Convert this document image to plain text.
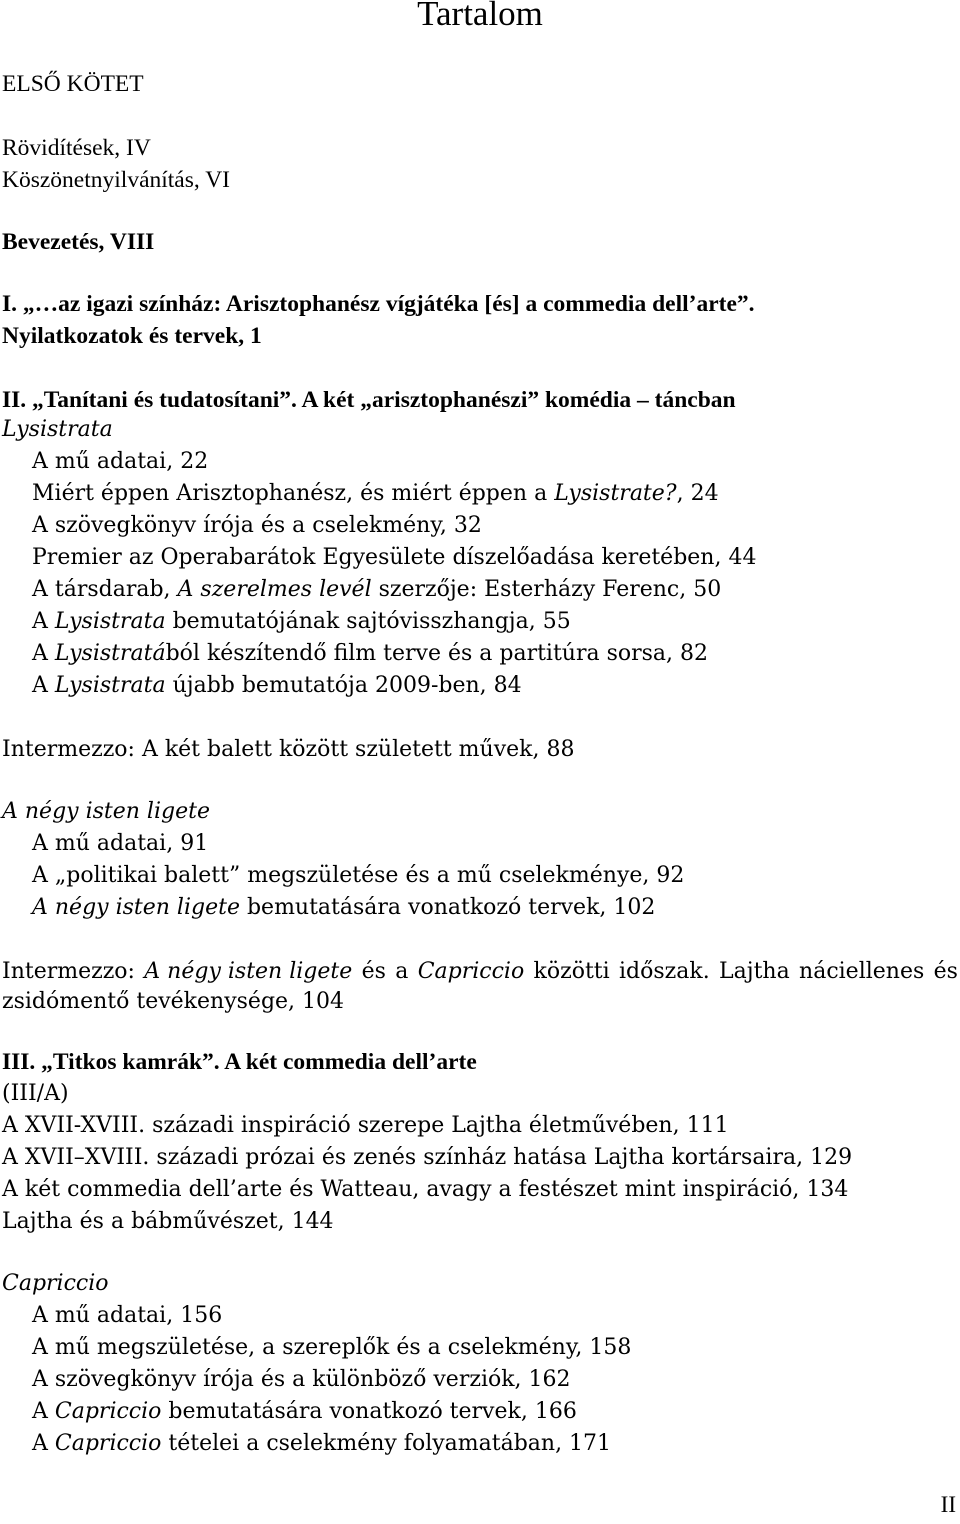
Tartalom
ELSŐ KÖTET
Rövidítések, IV
Köszönetnyilvánítás, VI
Bevezetés, VIII
I. „…az igazi színház: Arisztophanész vígjátéka [és] a commedia dell’arte”.
Nyilatkozatok és tervek, 1
II. „Tanítani és tudatosítani”. A két „arisztophanészi” komédia – táncban
Lysistrata
A mű adatai, 22
Miért éppen Arisztophanész, és miért éppen a Lysistrate?, 24
A szövegkönyv írója és a cselekmény, 32
Premier az Operabarátok Egyesülete díszelőadása keretében, 44
A társdarab, A szerelmes levél szerzője: Esterházy Ferenc, 50
A Lysistrata bemutatójának sajtóvisszhangja, 55
A Lysistratából készítendő film terve és a partitúra sorsa, 82
A Lysistrata újabb bemutatója 2009-ben, 84
Intermezzo: A két balett között született művek, 88
A négy isten ligete
A mű adatai, 91
A „politikai balett” megszületése és a mű cselekménye, 92
A négy isten ligete bemutatására vonatkozó tervek, 102
Intermezzo: A négy isten ligete és a Capriccio közötti időszak. Lajtha náciellenes és
zsidómentő tevékenysége, 104
III. „Titkos kamrák”. A két commedia dell’arte
(III/A)
A XVII-XVIII. századi inspiráció szerepe Lajtha életművében, 111
A XVII–XVIII. századi prózai és zenés színház hatása Lajtha kortársaira, 129
A két commedia dell’arte és Watteau, avagy a festészet mint inspiráció, 134
Lajtha és a bábművészet, 144
Capriccio
A mű adatai, 156
A mű megszületése, a szereplők és a cselekmény, 158
A szövegkönyv írója és a különböző verziók, 162
A Capriccio bemutatására vonatkozó tervek, 166
A Capriccio tételei a cselekmény folyamatában, 171
II
